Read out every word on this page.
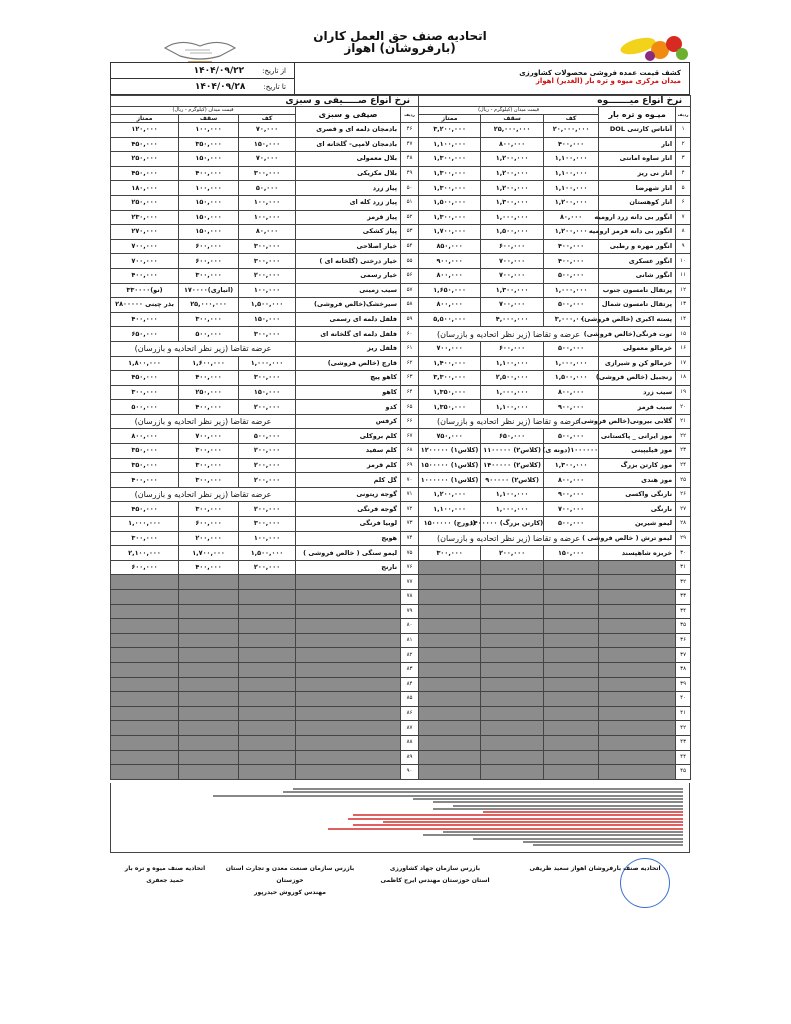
اتحادیه صنف حق العمل کاران
(بارفروشان) اهواز
کشف قیمت عمده فروشی محصولات کشاورزی
میدان مرکزی میوه و تره بار (الغدیر) اهواز
از تاریخ:
۱۴۰۴/۰۹/۲۲
تا تاریخ:
۱۴۰۴/۰۹/۲۸
نرخ انواع میـــــــوه					نرخ انواع صـــــیفی و سبزی				
ردیف	میـوه و تره بار	قیمت میدان (کیلوگرم - ریال)			ردیف	صیفی و سبزی	قیمت میدان (کیلوگرم - ریال)		
		کف	سقف	ممتاز			کف	سقف	ممتاز
۱	آناناس کارتنی DOL	۲۰,۰۰۰,۰۰۰	۲۵,۰۰۰,۰۰۰	۳,۲۰۰,۰۰۰	۴۶	بادمجان دلمه ای و قصری	۷۰,۰۰۰	۱۰۰,۰۰۰	۱۲۰,۰۰۰
۲	انار	۴۰۰,۰۰۰	۸۰۰,۰۰۰	۱,۱۰۰,۰۰۰	۴۷	بادمجان لامپی- گلخانه ای	۱۵۰,۰۰۰	۳۵۰,۰۰۰	۴۵۰,۰۰۰
۳	انار ساوه امانتی	۱,۱۰۰,۰۰۰	۱,۲۰۰,۰۰۰	۱,۳۰۰,۰۰۰	۴۸	بلال معمولی	۷۰,۰۰۰	۱۵۰,۰۰۰	۲۵۰,۰۰۰
۴	انار نی ریز	۱,۱۰۰,۰۰۰	۱,۲۰۰,۰۰۰	۱,۳۰۰,۰۰۰	۴۹	بلال مکزیکی	۳۰۰,۰۰۰	۴۰۰,۰۰۰	۴۵۰,۰۰۰
۵	انار شهرضا	۱,۱۰۰,۰۰۰	۱,۲۰۰,۰۰۰	۱,۳۰۰,۰۰۰	۵۰	پیاز زرد	۵۰,۰۰۰	۱۰۰,۰۰۰	۱۸۰,۰۰۰
۶	انار کوهستان	۱,۲۰۰,۰۰۰	۱,۳۰۰,۰۰۰	۱,۵۰۰,۰۰۰	۵۱	پیاز زرد کله ای	۱۰۰,۰۰۰	۱۵۰,۰۰۰	۲۵۰,۰۰۰
۷	انگور بی دانه زرد ارومیه	۸۰,۰۰۰	۱,۰۰۰,۰۰۰	۱,۳۰۰,۰۰۰	۵۲	پیاز قرمز	۱۰۰,۰۰۰	۱۵۰,۰۰۰	۲۳۰,۰۰۰
۸	انگور بی دانه قرمز ارومیه	۱,۲۰۰,۰۰۰	۱,۵۰۰,۰۰۰	۱,۷۰۰,۰۰۰	۵۳	پیاز کشکی	۸۰,۰۰۰	۱۵۰,۰۰۰	۲۷۰,۰۰۰
۹	انگور مهره و رطبی	۴۰۰,۰۰۰	۶۰۰,۰۰۰	۸۵۰,۰۰۰	۵۴	خیار اصلاحی	۳۰۰,۰۰۰	۶۰۰,۰۰۰	۷۰۰,۰۰۰
۱۰	انگور عسکری	۴۰۰,۰۰۰	۷۰۰,۰۰۰	۹۰۰,۰۰۰	۵۵	خیار درختی (گلخانه ای )	۳۰۰,۰۰۰	۶۰۰,۰۰۰	۷۰۰,۰۰۰
۱۱	انگور شانی	۵۰۰,۰۰۰	۷۰۰,۰۰۰	۸۰۰,۰۰۰	۵۶	خیار رسمی	۲۰۰,۰۰۰	۳۰۰,۰۰۰	۴۰۰,۰۰۰
۱۲	پرتقال تامسون جنوب	۱,۰۰۰,۰۰۰	۱,۳۰۰,۰۰۰	۱,۶۵۰,۰۰۰	۵۷	سیب زمینی	۱۰۰,۰۰۰	(انباری)۱۷۰۰۰۰	(نو)۳۳۰۰۰۰
۱۳	پرتقال تامسون شمال	۵۰۰,۰۰۰	۷۰۰,۰۰۰	۸۰۰,۰۰۰	۵۸	سیرخشک(خالص فروشی)	۱,۵۰۰,۰۰۰	۲۵,۰۰۰,۰۰۰	بذر چینی ۲۸۰۰۰۰۰
۱۴	پسته اکبری (خالص فروشی)	۳,۰۰۰,۰۰۰	۴,۰۰۰,۰۰۰	۵,۵۰۰,۰۰۰	۵۹	فلفل دلمه ای رسمی	۱۵۰,۰۰۰	۳۰۰,۰۰۰	۴۰۰,۰۰۰
۱۵	توت فرنگی(خالص فروشی)	عرضه و تقاضا (زیر نظر اتحادیه و بازرسان)			۶۰	فلفل دلمه ای گلخانه ای	۳۰۰,۰۰۰	۵۰۰,۰۰۰	۶۵۰,۰۰۰
۱۶	خرمالو معمولی	۵۰۰,۰۰۰	۶۰۰,۰۰۰	۷۰۰,۰۰۰	۶۱	فلفل ریز	عرضه تقاضا (زیر نظر اتحادیه و بازرسان)		
۱۷	خرمالو کن و شیرازی	۱,۰۰۰,۰۰۰	۱,۱۰۰,۰۰۰	۱,۴۰۰,۰۰۰	۶۲	قارچ (خالص فروشی)	۱,۰۰۰,۰۰۰	۱,۶۰۰,۰۰۰	۱,۸۰۰,۰۰۰
۱۸	زنجبیل (خالص فروشی)	۱,۵۰۰,۰۰۰	۲,۵۰۰,۰۰۰	۳,۳۰۰,۰۰۰	۶۳	کاهو پیچ	۳۰۰,۰۰۰	۴۰۰,۰۰۰	۴۵۰,۰۰۰
۱۹	سیب زرد	۸۰۰,۰۰۰	۱,۰۰۰,۰۰۰	۱,۳۵۰,۰۰۰	۶۴	کاهو	۱۵۰,۰۰۰	۲۵۰,۰۰۰	۳۰۰,۰۰۰
۲۰	سیب قرمز	۹۰۰,۰۰۰	۱,۱۰۰,۰۰۰	۱,۳۵۰,۰۰۰	۶۵	کدو	۲۰۰,۰۰۰	۴۰۰,۰۰۰	۵۰۰,۰۰۰
۲۱	گلابی بیرونی(خالص فروشی)	عرضه و تقاضا (زیر نظر اتحادیه و بازرسان)			۶۶	کرفس	عرضه تقاضا (زیر نظر اتحادیه و بازرسان)		
۲۲	موز ایرانی _ پاکستانی	۵۰۰,۰۰۰	۶۵۰,۰۰۰	۷۵۰,۰۰۰	۶۷	کلم بروکلی	۵۰۰,۰۰۰	۷۰۰,۰۰۰	۸۰۰,۰۰۰
۲۳	موز فیلیپینی	۱۰۰۰۰۰۰(دونه ی)	(کلاس۲) ۱۱۰۰۰۰۰	(کلاس۱) ۱۲۰۰۰۰۰	۶۸	کلم سفید	۲۰۰,۰۰۰	۳۰۰,۰۰۰	۳۵۰,۰۰۰
۲۴	موز کارتن بزرگ	۱,۳۰۰,۰۰۰	(کلاس۲) ۱۴۰۰۰۰۰	(کلاس۱) ۱۵۰۰۰۰۰	۶۹	کلم قرمز	۲۰۰,۰۰۰	۳۰۰,۰۰۰	۳۵۰,۰۰۰
۲۵	موز هندی	۸۰۰,۰۰۰	(کلاس۲) ۹۰۰۰۰۰	(کلاس۱) ۱۰۰۰۰۰۰	۷۰	گل کلم	۲۰۰,۰۰۰	۳۰۰,۰۰۰	۴۰۰,۰۰۰
۲۶	نارنگی واکسی	۹۰۰,۰۰۰	۱,۱۰۰,۰۰۰	۱,۲۰۰,۰۰۰	۷۱	گوجه زیتونی	عرضه تقاضا (زیر نظر اتحادیه و بازرسان)		
۲۷	نارنگی	۷۰۰,۰۰۰	۱,۰۰۰,۰۰۰	۱,۱۰۰,۰۰۰	۷۲	گوجه فرنگی	۲۰۰,۰۰۰	۳۰۰,۰۰۰	۴۵۰,۰۰۰
۲۸	لیمو شیرین	۵۰۰,۰۰۰	(کارتن بزرگ) ۱۴۰۰۰۰۰	(دورج) ۱۵۰۰۰۰۰	۷۳	لوبیا فرنگی	۳۰۰,۰۰۰	۶۰۰,۰۰۰	۱,۰۰۰,۰۰۰
۲۹	لیمو ترش ( خالص فروشی )	عرضه و تقاضا (زیر نظر اتحادیه و بازرسان)			۷۴	هویج	۱۰۰,۰۰۰	۲۰۰,۰۰۰	۳۰۰,۰۰۰
۳۰	خربزه شاهپسند	۱۵۰,۰۰۰	۲۰۰,۰۰۰	۳۰۰,۰۰۰	۷۵	لیمو سنگی ( خالص فروشی )	۱,۵۰۰,۰۰۰	۱,۷۰۰,۰۰۰	۲,۱۰۰,۰۰۰
۳۱					۷۶	نارنج	۲۰۰,۰۰۰	۴۰۰,۰۰۰	۶۰۰,۰۰۰
۳۲					۷۷				
۳۳					۷۸				
۳۴					۷۹				
۳۵					۸۰				
۳۶					۸۱				
۳۷					۸۲				
۳۸					۸۳				
۳۹					۸۴				
۴۰					۸۵				
۴۱					۸۶				
۴۲					۸۷				
۴۳					۸۸				
۴۴					۸۹				
۴۵					۹۰				
اتحادیه صنف بارفروشان اهواز سعید ظریفی
بازرس سازمان جهاد کشاورزی
استان خوزستان مهندس ایرج کاظمی
بازرس سازمان صنعت معدن و تجارت استان خوزستان
مهندس کوروش حیدرپور
اتحادیه صنف میوه و تره بار
حمید جعفری
